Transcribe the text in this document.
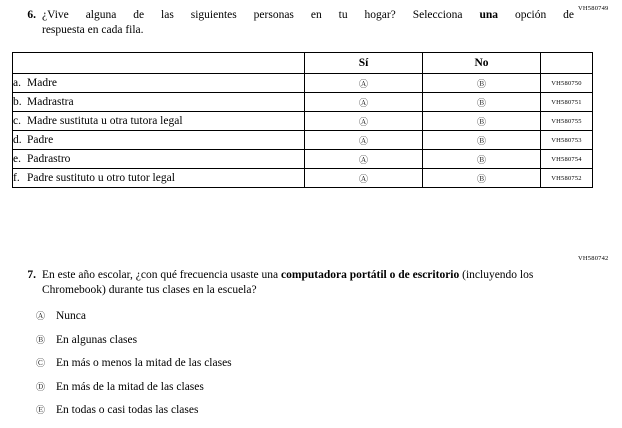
VH580749
6. ¿Vive alguna de las siguientes personas en tu hogar? Selecciona una opción de
respuesta en cada fila.
	Sí	No	
a. Madre	Ⓐ	Ⓑ	VH580750
b. Madrastra	Ⓐ	Ⓑ	VH580751
c. Madre sustituta u otra tutora legal	Ⓐ	Ⓑ	VH580755
d. Padre	Ⓐ	Ⓑ	VH580753
e. Padrastro	Ⓐ	Ⓑ	VH580754
f. Padre sustituto u otro tutor legal	Ⓐ	Ⓑ	VH580752
VH580742
7. En este año escolar, ¿con qué frecuencia usaste una computadora portátil o de escritorio (incluyendo los Chromebook) durante tus clases en la escuela?
Ⓐ Nunca
Ⓑ En algunas clases
Ⓒ En más o menos la mitad de las clases
Ⓓ En más de la mitad de las clases
Ⓔ En todas o casi todas las clases
